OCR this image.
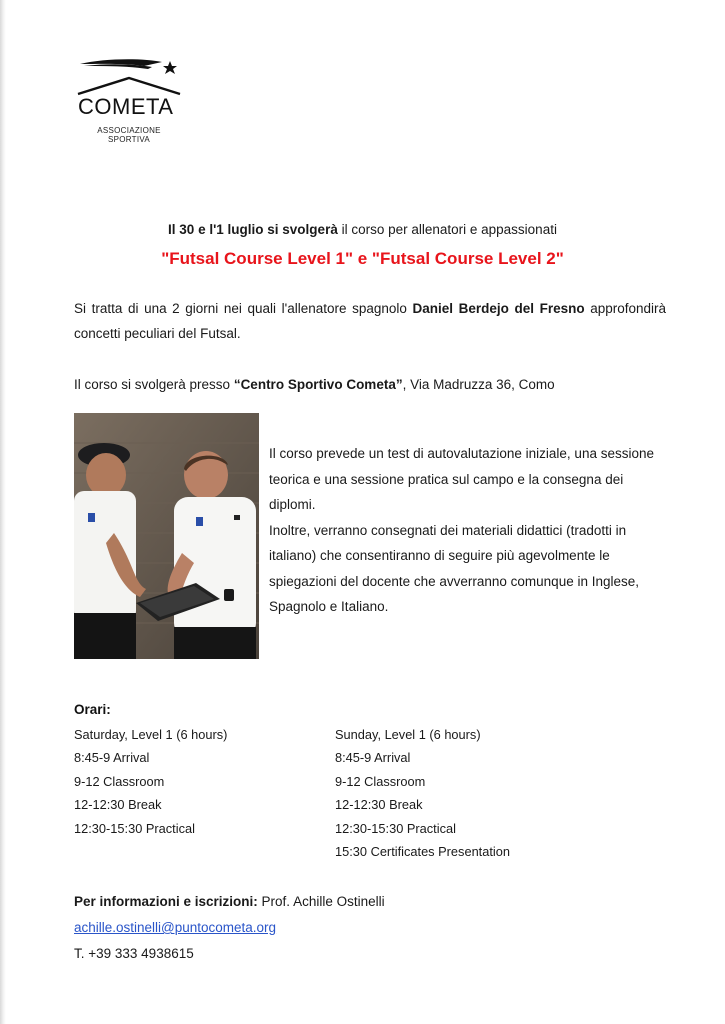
COMETA
ASSOCIAZIONE
SPORTIVA
Il 30 e l'1 luglio si svolgerà il corso per allenatori e appassionati
"Futsal Course Level 1" e "Futsal Course Level 2"
Si tratta di una 2 giorni nei quali l'allenatore spagnolo Daniel Berdejo del Fresno approfondirà concetti peculiari del Futsal.
Il corso si svolgerà presso “Centro Sportivo Cometa”, Via Madruzza 36, Como

Il corso prevede un test di autovalutazione iniziale, una sessione teorica e una sessione pratica sul campo e la consegna dei diplomi.

Inoltre, verranno consegnati dei materiali didattici (tradotti in italiano) che consentiranno di seguire più agevolmente le spiegazioni del docente che avverranno comunque in Inglese, Spagnolo e Italiano.

Orari:
Saturday, Level 1 (6 hours)
8:45-9 Arrival
9-12 Classroom
12-12:30 Break
12:30-15:30 Practical
Sunday, Level 1 (6 hours)
8:45-9 Arrival
9-12 Classroom
12-12:30 Break
12:30-15:30 Practical
15:30 Certificates Presentation
Per informazioni e iscrizioni: Prof. Achille Ostinelli
achille.ostinelli@puntocometa.org
T. +39 333 4938615
